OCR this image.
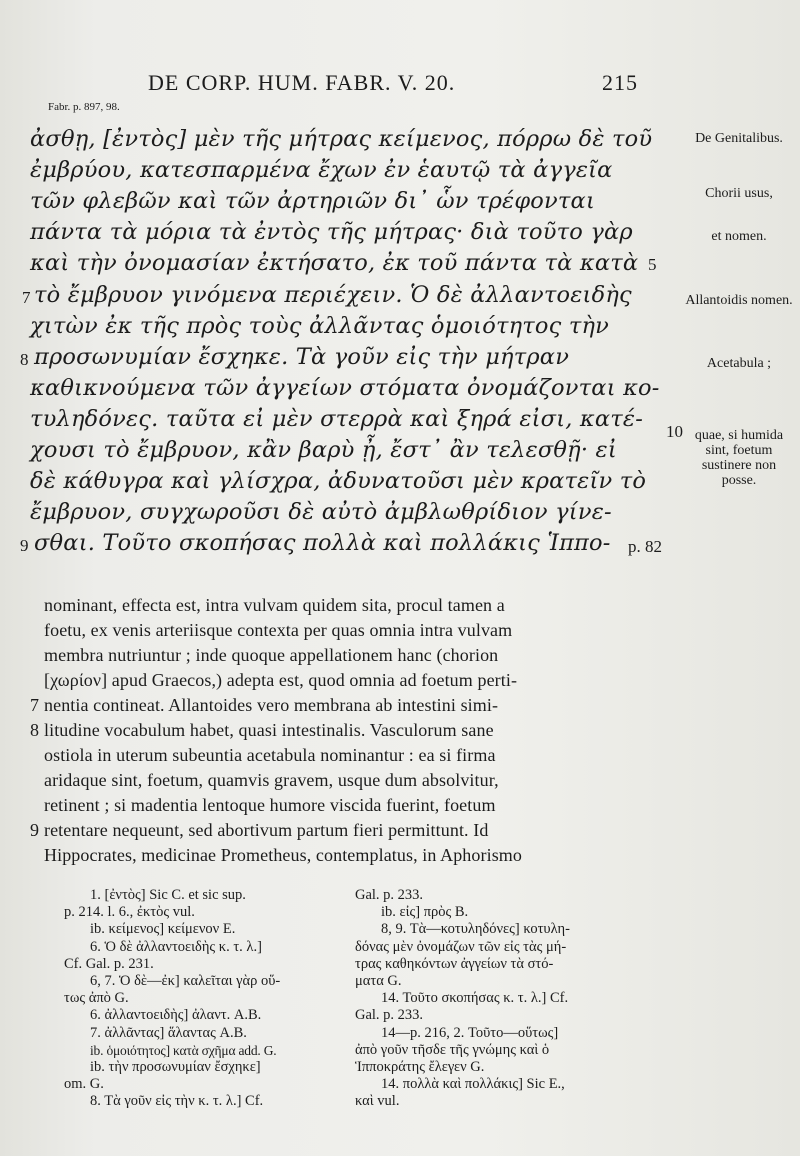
DE CORP. HUM. FABR. V. 20.	215
Fabr. p. 897, 98.
ἀσθῃ, [ἐντὸς] μὲν τῆς μήτρας κείμενος, πόρρω δὲ τοῦ
ἐμβρύου, κατεσπαρμένα ἔχων ἐν ἑαυτῷ τὰ ἀγγεῖα
τῶν φλεβῶν καὶ τῶν ἀρτηριῶν δι᾽ ὧν τρέφονται
πάντα τὰ μόρια τὰ ἐντὸς τῆς μήτρας· διὰ τοῦτο γὰρ
καὶ τὴν ὀνομασίαν ἐκτήσατο, ἐκ τοῦ πάντα τὰ κατὰ 5
7 τὸ ἔμβρυον γινόμενα περιέχειν. Ὁ δὲ ἀλλαντοειδὴς
χιτὼν ἐκ τῆς πρὸς τοὺς ἀλλᾶντας ὁμοιότητος τὴν
8 προσωνυμίαν ἔσχηκε. Τὰ γοῦν εἰς τὴν μήτραν
καθικνούμενα τῶν ἀγγείων στόματα ὀνομάζονται κο-
τυληδόνες. ταῦτα εἰ μὲν στερρὰ καὶ ξηρά εἰσι, κατέ-	10
χουσι τὸ ἔμβρυον, κἂν βαρὺ ᾖ, ἔστ᾽ ἂν τελεσθῇ· εἰ
δὲ κάθυγρα καὶ γλίσχρα, ἀδυνατοῦσι μὲν κρατεῖν τὸ
ἔμβρυον, συγχωροῦσι δὲ αὐτὸ ἀμβλωθρίδιον γίνε-
9 σθαι. Τοῦτο σκοπήσας πολλὰ καὶ πολλάκις Ἱππο-	p. 82
De Genitalibus.
Chorii usus,
et nomen.
Allantoidis nomen.
Acetabula ;
quae, si humida sint, foetum sustinere non posse.
nominant, effecta est, intra vulvam quidem sita, procul tamen a
foetu, ex venis arteriisque contexta per quas omnia intra vulvam
membra nutriuntur ; inde quoque appellationem hanc (chorion
[χωρίον] apud Graecos,) adepta est, quod omnia ad foetum perti-
7 nentia contineat. Allantoides vero membrana ab intestini simi-
8 litudine vocabulum habet, quasi intestinalis. Vasculorum sane
ostiola in uterum subeuntia acetabula nominantur : ea si firma
aridaque sint, foetum, quamvis gravem, usque dum absolvitur,
retinent ; si madentia lentoque humore viscida fuerint, foetum
9 retentare nequeunt, sed abortivum partum fieri permittunt. Id
Hippocrates, medicinae Prometheus, contemplatus, in Aphorismo
1. [ἐντὸς] Sic C. et sic sup.
p. 214. l. 6., ἐκτὸς vul.
ib. κείμενος] κείμενον E.
6. Ὁ δὲ ἀλλαντοειδὴς κ. τ. λ.]
Cf. Gal. p. 231.
6, 7. Ὁ δὲ—ἐκ] καλεῖται γὰρ οὕ-
τως ἀπὸ G.
6. ἀλλαντοειδὴς] ἀλαντ. A.B.
7. ἀλλᾶντας] ἅλαντας A.B.
ib. ὁμοιότητος] κατὰ σχῆμα add. G.
ib. τὴν προσωνυμίαν ἔσχηκε]
om. G.
8. Τὰ γοῦν εἰς τὴν κ. τ. λ.] Cf.
Gal. p. 233.
ib. εἰς] πρὸς B.
8, 9. Τὰ—κοτυληδόνες] κοτυλη-
δόνας μὲν ὀνομάζων τῶν εἰς τὰς μή-
τρας καθηκόντων ἀγγείων τὰ στό-
ματα G.
14. Τοῦτο σκοπήσας κ. τ. λ.] Cf.
Gal. p. 233.
14—p. 216, 2. Τοῦτο—οὕτως]
ἀπὸ γοῦν τῆσδε τῆς γνώμης καὶ ὁ
Ἱπποκράτης ἔλεγεν G.
14. πολλὰ καὶ πολλάκις] Sic E.,
καὶ vul.
